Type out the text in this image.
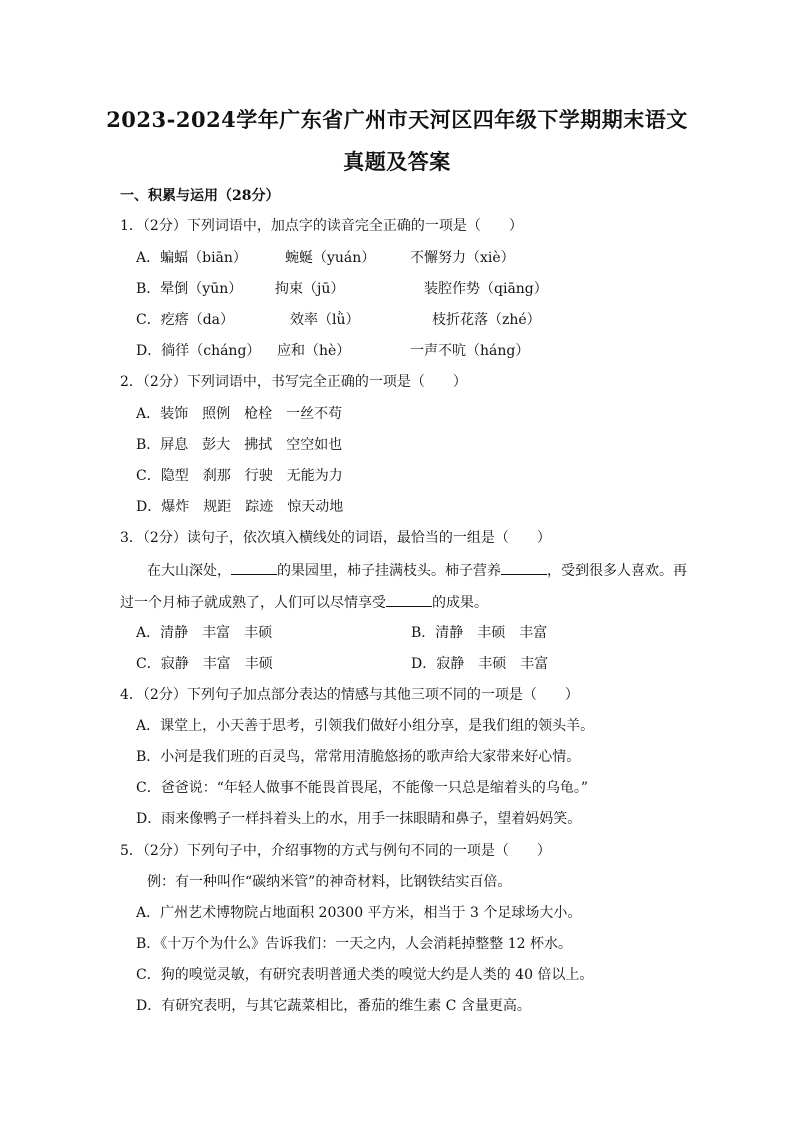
2023-2024学年广东省广州市天河区四年级下学期期末语文
真题及答案
一、积累与运用（28分）
1．（2分）下列词语中，加点字的读音完全正确的一项是（　　）
A．蝙蝠（biān）	蜿蜒（yuán） 不懈努力（xiè）
B．晕倒（yūn） 拘束（jū）	装腔作势（qiāng）
C．疙瘩（da）	效率（lǜ）	枝折花落（zhé）
D．徜徉（cháng） 应和（hè）	一声不吭（háng）
2．（2分）下列词语中，书写完全正确的一项是（　　）
A．装饰　照例　枪栓　一丝不苟
B．屏息　彭大　拂拭　空空如也
C．隐型　刹那　行驶　无能为力
D．爆炸　规距　踪迹　惊天动地
3．（2分）读句子，依次填入横线处的词语，最恰当的一组是（　　）
在大山深处，	的果园里，柿子挂满枝头。柿子营养	，受到很多人喜欢。再
过一个月柿子就成熟了，人们可以尽情享受	的成果。
A．清静　丰富　丰硕	B．清静　丰硕　丰富
C．寂静　丰富　丰硕	D．寂静　丰硕　丰富
4．（2分）下列句子加点部分表达的情感与其他三项不同的一项是（　　）
A．课堂上，小天善于思考，引领我们做好小组分享，是我们组的领头羊。
B．小河是我们班的百灵鸟，常常用清脆悠扬的歌声给大家带来好心情。
C．爸爸说：“年轻人做事不能畏首畏尾，不能像一只总是缩着头的乌龟。”
D．雨来像鸭子一样抖着头上的水，用手一抹眼睛和鼻子，望着妈妈笑。
5．（2分）下列句子中，介绍事物的方式与例句不同的一项是（　　）
例：有一种叫作“碳纳米管”的神奇材料，比钢铁结实百倍。
A．广州艺术博物院占地面积 20300 平方米，相当于 3 个足球场大小。
B．《十万个为什么》告诉我们：一天之内，人会消耗掉整整 12 杯水。
C．狗的嗅觉灵敏，有研究表明普通犬类的嗅觉大约是人类的 40 倍以上。
D．有研究表明，与其它蔬菜相比，番茄的维生素 C 含量更高。
